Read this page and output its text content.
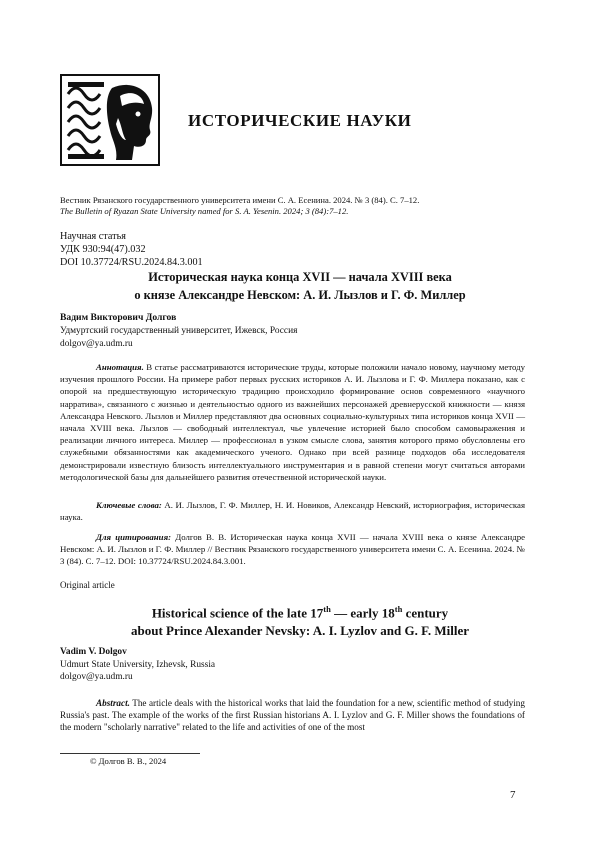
ИСТОРИЧЕСКИЕ НАУКИ
Вестник Рязанского государственного университета имени С. А. Есенина. 2024. № 3 (84). С. 7–12.
The Bulletin of Ryazan State University named for S. A. Yesenin. 2024; 3 (84):7–12.
Научная статья
УДК 930:94(47).032
DOI 10.37724/RSU.2024.84.3.001
Историческая наука конца XVII — начала XVIII века
о князе Александре Невском: А. И. Лызлов и Г. Ф. Миллер
Вадим Викторович Долгов
Удмуртский государственный университет, Ижевск, Россия
dolgov@ya.udm.ru
Аннотация. В статье рассматриваются исторические труды, которые положили начало новому, научному методу изучения прошлого России. На примере работ первых русских историков А. И. Лызлова и Г. Ф. Миллера показано, как с опорой на предшествующую историческую традицию происходило формирование основ современного «научного нарратива», связанного с жизнью и деятельностью одного из важнейших персонажей древнерусской книжности — князя Александра Невского. Лызлов и Миллер представляют два основных социально-культурных типа историков конца XVII — начала XVIII века. Лызлов — свободный интеллектуал, чье увлечение историей было способом самовыражения и реализации личного интереса. Миллер — профессионал в узком смысле слова, занятия которого прямо обусловлены его служебными обязанностями как академического ученого. Однако при всей разнице подходов оба исследователя демонстрировали известную близость интеллектуального инструментария и в равной степени могут считаться авторами методологической базы для дальнейшего развития отечественной исторической науки.
Ключевые слова: А. И. Лызлов, Г. Ф. Миллер, Н. И. Новиков, Александр Невский, историография, историческая наука.
Для цитирования: Долгов В. В. Историческая наука конца XVII — начала XVIII века о князе Александре Невском: А. И. Лызлов и Г. Ф. Миллер // Вестник Рязанского государственного университета имени С. А. Есенина. 2024. № 3 (84). С. 7–12. DOI: 10.37724/RSU.2024.84.3.001.
Original article
Historical science of the late 17th — early 18th century
about Prince Alexander Nevsky: A. I. Lyzlov and G. F. Miller
Vadim V. Dolgov
Udmurt State University, Izhevsk, Russia
dolgov@ya.udm.ru
Abstract. The article deals with the historical works that laid the foundation for a new, scientific method of studying Russia's past. The example of the works of the first Russian historians A. I. Lyzlov and G. F. Miller shows the foundations of the modern "scholarly narrative" related to the life and activities of one of the most
© Долгов В. В., 2024
7
